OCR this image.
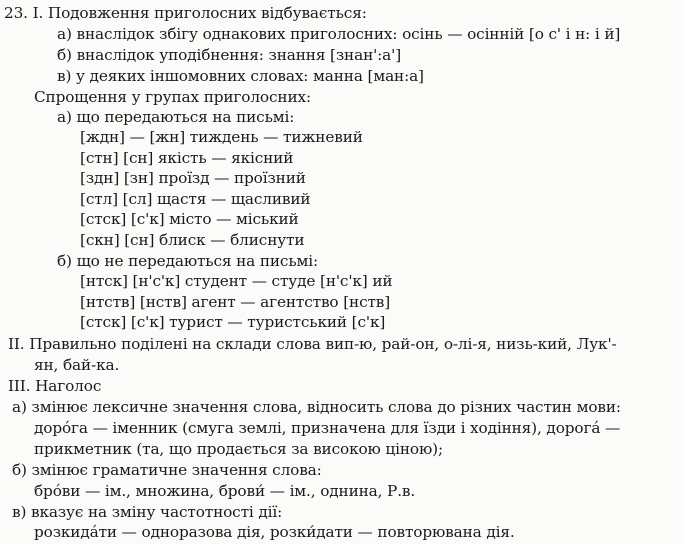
23. I. Подовження приголосних відбувається:
а) внаслідок збігу однакових приголосних: осінь — осінній [о с' і н: і й]
б) внаслідок уподібнення: знання [знан':а']
в) у деяких іншомовних словах: манна [ман:а]
Спрощення у групах приголосних:
а) що передаються на письмі:
[ждн] — [жн] тиждень — тижневий
[стн] [сн] якість — якісний
[здн] [зн] проїзд — проїзний
[стл] [сл] щастя — щасливий
[стск] [с'к] місто — міський
[скн] [сн] блиск — блиснути
б) що не передаються на письмі:
[нтск] [н'с'к] студент — студе [н'с'к] ий
[нтств] [нств] агент — агентство [нств]
[стск] [с'к] турист — туристський [с'к]
II. Правильно поділені на склади слова вип-ю, рай-он, о-лі-я, низь-кий, Лук'-
ян, бай-ка.
III. Наголос
а) змінює лексичне значення слова, відносить слова до різних частин мови:
дорóга — іменник (смуга землі, призначена для їзди і ходіння), дорогá —
прикметник (та, що продається за високою ціною);
б) змінює граматичне значення слова:
брóви — ім., множина, брови́ — ім., однина, Р.в.
в) вказує на зміну частотності дії:
розкидáти — одноразова дія, розки́дати — повторювана дія.
